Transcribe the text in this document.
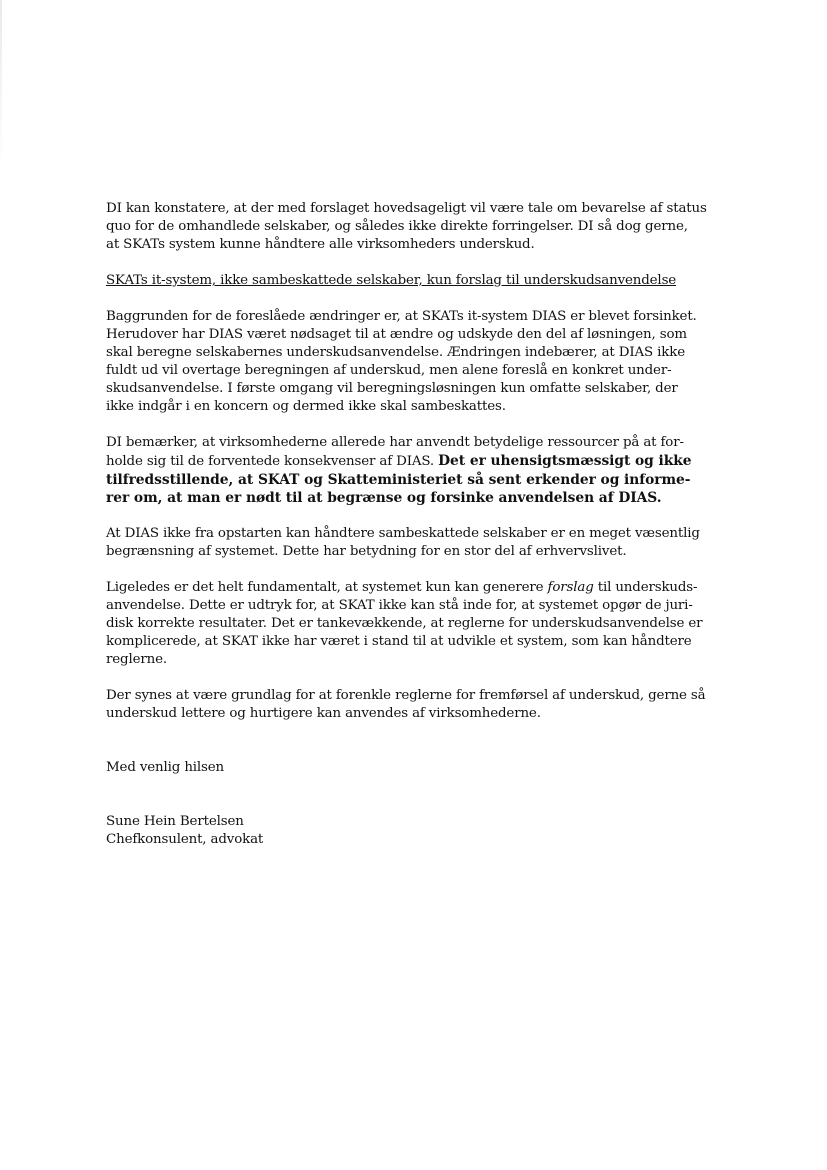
DI kan konstatere, at der med forslaget hovedsageligt vil være tale om bevarelse af status
quo for de omhandlede selskaber, og således ikke direkte forringelser. DI så dog gerne,
at SKATs system kunne håndtere alle virksomheders underskud.

SKATs it-system, ikke sambeskattede selskaber, kun forslag til underskudsanvendelse

Baggrunden for de foreslåede ændringer er, at SKATs it-system DIAS er blevet forsinket.
Herudover har DIAS været nødsaget til at ændre og udskyde den del af løsningen, som
skal beregne selskabernes underskudsanvendelse. Ændringen indebærer, at DIAS ikke
fuldt ud vil overtage beregningen af underskud, men alene foreslå en konkret under-
skudsanvendelse. I første omgang vil beregningsløsningen kun omfatte selskaber, der
ikke indgår i en koncern og dermed ikke skal sambeskattes.

DI bemærker, at virksomhederne allerede har anvendt betydelige ressourcer på at for-
holde sig til de forventede konsekvenser af DIAS. Det er uhensigtsmæssigt og ikke
tilfredsstillende, at SKAT og Skatteministeriet så sent erkender og informe-
rer om, at man er nødt til at begrænse og forsinke anvendelsen af DIAS.

At DIAS ikke fra opstarten kan håndtere sambeskattede selskaber er en meget væsentlig
begrænsning af systemet. Dette har betydning for en stor del af erhvervslivet.

Ligeledes er det helt fundamentalt, at systemet kun kan generere forslag til underskuds-
anvendelse. Dette er udtryk for, at SKAT ikke kan stå inde for, at systemet opgør de juri-
disk korrekte resultater. Det er tankevækkende, at reglerne for underskudsanvendelse er
komplicerede, at SKAT ikke har været i stand til at udvikle et system, som kan håndtere
reglerne.

Der synes at være grundlag for at forenkle reglerne for fremførsel af underskud, gerne så
underskud lettere og hurtigere kan anvendes af virksomhederne.

Med venlig hilsen

Sune Hein Bertelsen
Chefkonsulent, advokat
